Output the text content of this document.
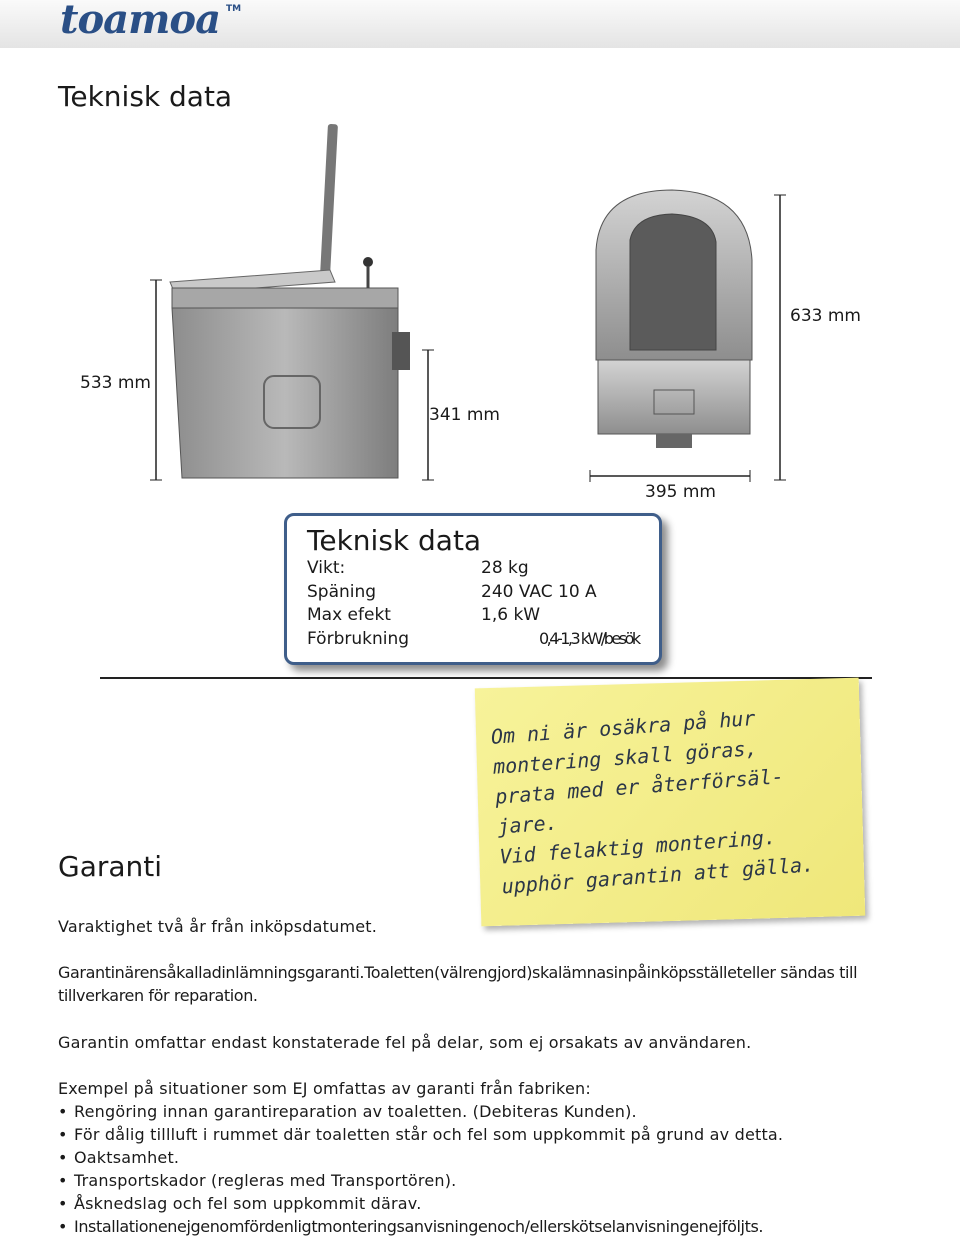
toamoa TM
Teknisk data
533 mm
341 mm
633 mm
395 mm
Teknisk data
Vikt:	28 kg
Späning	240 VAC 10 A
Max efekt	1,6 kW
Förbrukning	0,4-1,3 kW/besök
Om ni är osäkra på hur
montering skall göras,
prata med er återförsäl-
jare.
Vid felaktig montering.
upphör garantin att gälla.
Garanti
Varaktighet två år från inköpsdatumet.
Garantinärensåkalladinlämningsgaranti.Toaletten(välrengjord)skalämnasinpåinköpsställeteller sändas till tillverkaren för reparation.
Garantin omfattar endast konstaterade fel på delar, som ej orsakats av användaren.
Exempel på situationer som EJ omfattas av garanti från fabriken:
• Rengöring innan garantireparation av toaletten. (Debiteras Kunden).
• För dålig tillluft i rummet där toaletten står och fel som uppkommit på grund av detta.
• Oaktsamhet.
• Transportskador (regleras med Transportören).
• Åsknedslag och fel som uppkommit därav.
• Installationenejgenomfördenligtmonteringsanvisningenoch/ellerskötselanvisningenejföljts.
